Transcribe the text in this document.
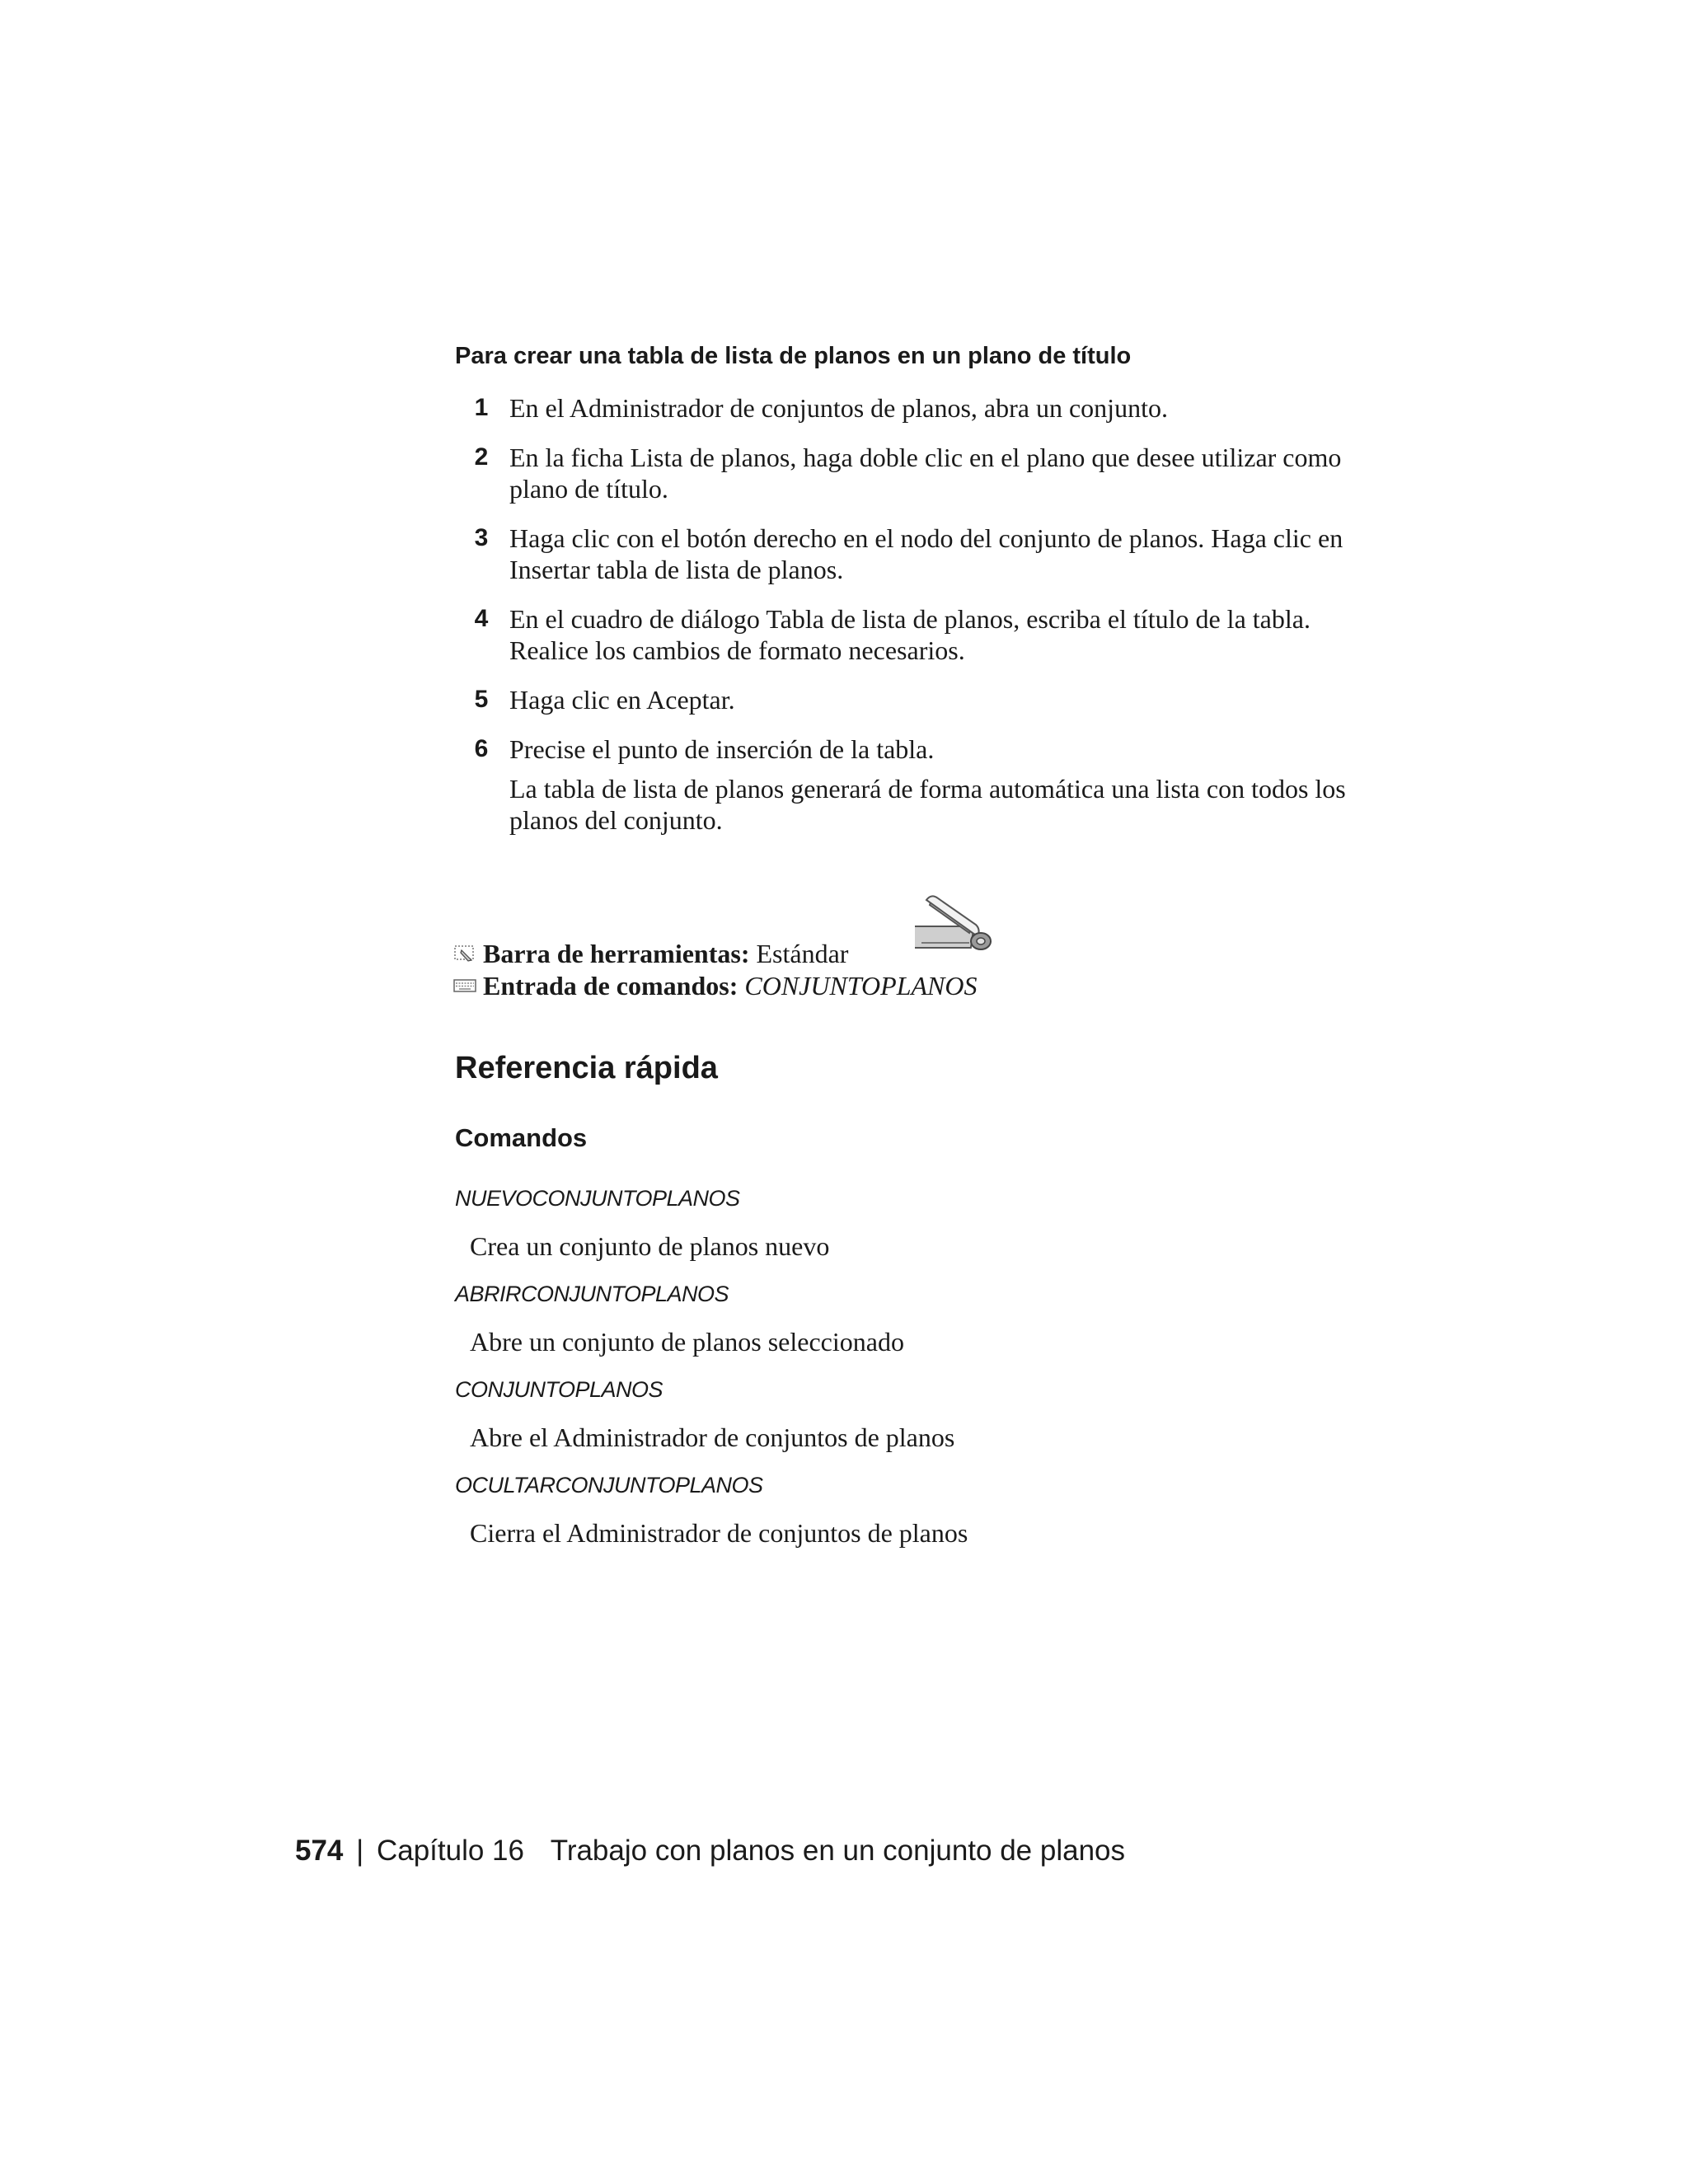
Para crear una tabla de lista de planos en un plano de título
1 En el Administrador de conjuntos de planos, abra un conjunto.
2 En la ficha Lista de planos, haga doble clic en el plano que desee utilizar como plano de título.
3 Haga clic con el botón derecho en el nodo del conjunto de planos. Haga clic en Insertar tabla de lista de planos.
4 En el cuadro de diálogo Tabla de lista de planos, escriba el título de la tabla. Realice los cambios de formato necesarios.
5 Haga clic en Aceptar.
6 Precise el punto de inserción de la tabla.
La tabla de lista de planos generará de forma automática una lista con todos los planos del conjunto.
Barra de herramientas: Estándar
Entrada de comandos: CONJUNTOPLANOS
Referencia rápida
Comandos
NUEVOCONJUNTOPLANOS
Crea un conjunto de planos nuevo
ABRIRCONJUNTOPLANOS
Abre un conjunto de planos seleccionado
CONJUNTOPLANOS
Abre el Administrador de conjuntos de planos
OCULTARCONJUNTOPLANOS
Cierra el Administrador de conjuntos de planos
574 | Capítulo 16 Trabajo con planos en un conjunto de planos
